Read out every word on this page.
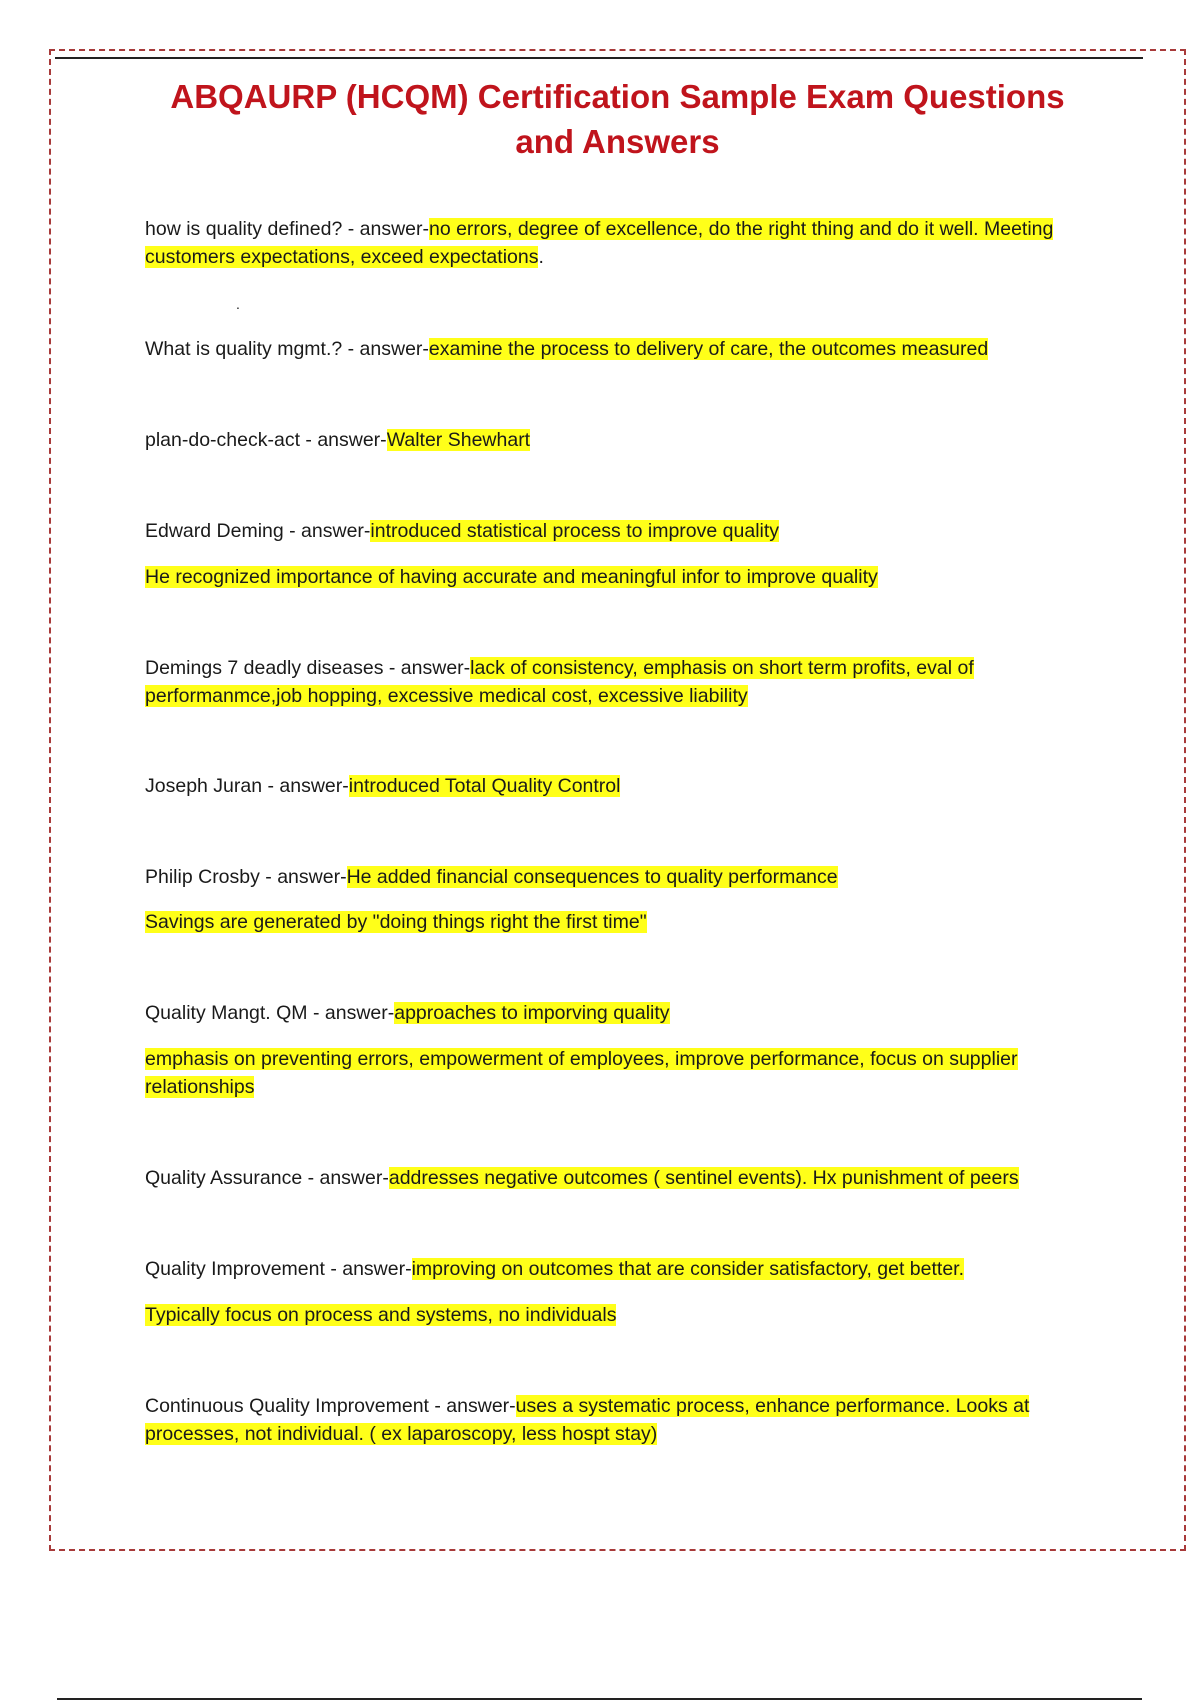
ABQAURP (HCQM) Certification Sample Exam Questions and Answers

how is quality defined? - answer-no errors, degree of excellence, do the right thing and do it well. Meeting customers expectations, exceed expectations.

.

What is quality mgmt.? - answer-examine the process to delivery of care, the outcomes measured

plan-do-check-act - answer-Walter Shewhart

Edward Deming - answer-introduced statistical process to improve quality

He recognized importance of having accurate and meaningful infor to improve quality

Demings 7 deadly diseases - answer-lack of consistency, emphasis on short term profits, eval of performanmce,job hopping, excessive medical cost, excessive liability

Joseph Juran - answer-introduced Total Quality Control

Philip Crosby - answer-He added financial consequences to quality performance

Savings are generated by "doing things right the first time"

Quality Mangt. QM - answer-approaches to imporving quality

emphasis on preventing errors, empowerment of employees, improve performance, focus on supplier relationships

Quality Assurance - answer-addresses negative outcomes ( sentinel events). Hx punishment of peers

Quality Improvement - answer-improving on outcomes that are consider satisfactory, get better.

Typically focus on process and systems, no individuals

Continuous Quality Improvement - answer-uses a systematic process, enhance performance. Looks at processes, not individual. ( ex laparoscopy, less hospt stay)
